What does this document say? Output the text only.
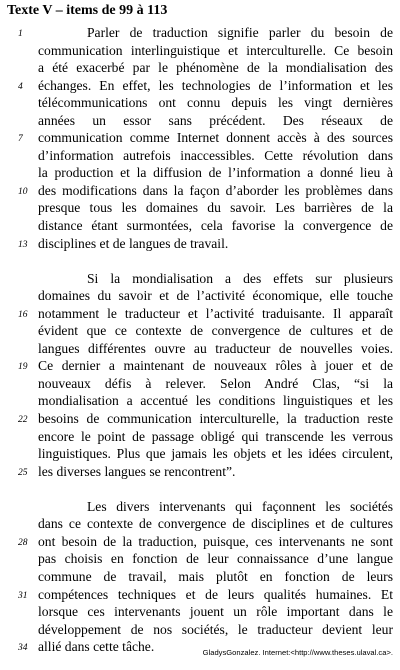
Texte V – items de 99 à 113
Parler de traduction signifie parler du besoin de
communication interlinguistique et interculturelle. Ce besoin
a été exacerbé par le phénomène de la mondialisation des
échanges. En effet, les technologies de l’information et les
télécommunications ont connu depuis les vingt dernières
années un essor sans précédent. Des réseaux de
communication comme Internet donnent accès à des sources
d’information autrefois inaccessibles. Cette révolution dans
la production et la diffusion de l’information a donné lieu à
des modifications dans la façon d’aborder les problèmes dans
presque tous les domaines du savoir. Les barrières de la
distance étant surmontées, cela favorise la convergence de
disciplines et de langues de travail.
Si la mondialisation a des effets sur plusieurs
domaines du savoir et de l’activité économique, elle touche
notamment le traducteur et l’activité traduisante. Il apparaît
évident que ce contexte de convergence de cultures et de
langues différentes ouvre au traducteur de nouvelles voies.
Ce dernier a maintenant de nouveaux rôles à jouer et de
nouveaux défis à relever. Selon André Clas, “si la
mondialisation a accentué les conditions linguistiques et les
besoins de communication interculturelle, la traduction reste
encore le point de passage obligé qui transcende les verrous
linguistiques. Plus que jamais les objets et les idées circulent,
les diverses langues se rencontrent”.
Les divers intervenants qui façonnent les sociétés
dans ce contexte de convergence de disciplines et de cultures
ont besoin de la traduction, puisque, ces intervenants ne sont
pas choisis en fonction de leur connaissance d’une langue
commune de travail, mais plutôt en fonction de leurs
compétences techniques et de leurs qualités humaines. Et
lorsque ces intervenants jouent un rôle important dans le
développement de nos sociétés, le traducteur devient leur
allié dans cette tâche.
1
4
7
10
13
16
19
22
25
28
31
34	GladysGonzalez. Internet:<http://www.theses.ulaval.ca>.
